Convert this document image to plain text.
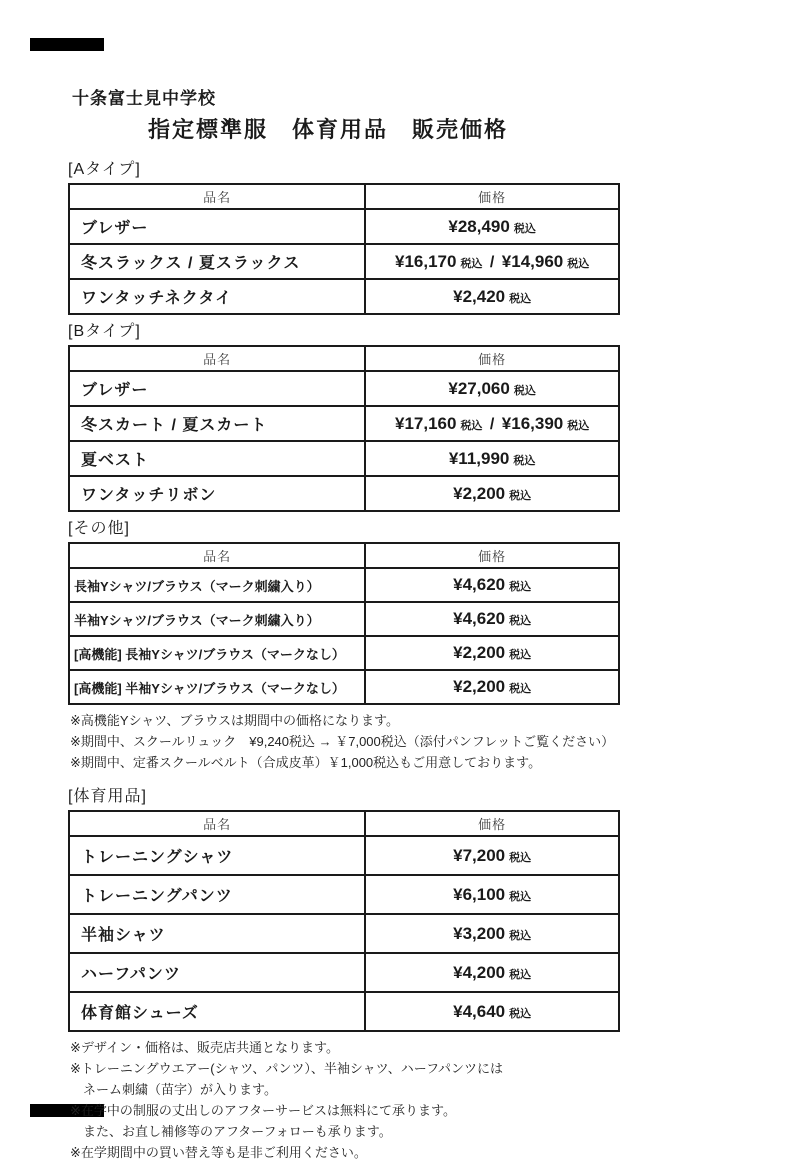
十条富士見中学校
指定標準服　体育用品　販売価格
[Aタイプ]
品名	価格
ブレザー	¥28,490 税込
冬スラックス / 夏スラックス	¥16,170 税込 / ¥14,960 税込
ワンタッチネクタイ	¥2,420 税込
[Bタイプ]
品名	価格
ブレザー	¥27,060 税込
冬スカート / 夏スカート	¥17,160 税込 / ¥16,390 税込
夏ベスト	¥11,990 税込
ワンタッチリボン	¥2,200 税込
[その他]
品名	価格
長袖Yシャツ/ブラウス（マーク刺繍入り）	¥4,620 税込
半袖Yシャツ/ブラウス（マーク刺繍入り）	¥4,620 税込
[高機能] 長袖Yシャツ/ブラウス（マークなし）	¥2,200 税込
[高機能] 半袖Yシャツ/ブラウス（マークなし）	¥2,200 税込
※高機能Yシャツ、ブラウスは期間中の価格になります。
※期間中、スクールリュック　¥9,240税込 → ￥7,000税込（添付パンフレットご覧ください）
※期間中、定番スクールベルト（合成皮革）￥1,000税込もご用意しております。
[体育用品]
品名	価格
トレーニングシャツ	¥7,200 税込
トレーニングパンツ	¥6,100 税込
半袖シャツ	¥3,200 税込
ハーフパンツ	¥4,200 税込
体育館シューズ	¥4,640 税込
※デザイン・価格は、販売店共通となります。
※トレーニングウエアー(シャツ、パンツ）、半袖シャツ、ハーフパンツには
　ネーム刺繍（苗字）が入ります。
※在学中の制服の丈出しのアフターサービスは無料にて承ります。
　また、お直し補修等のアフターフォローも承ります。
※在学期間中の買い替え等も是非ご利用ください。
